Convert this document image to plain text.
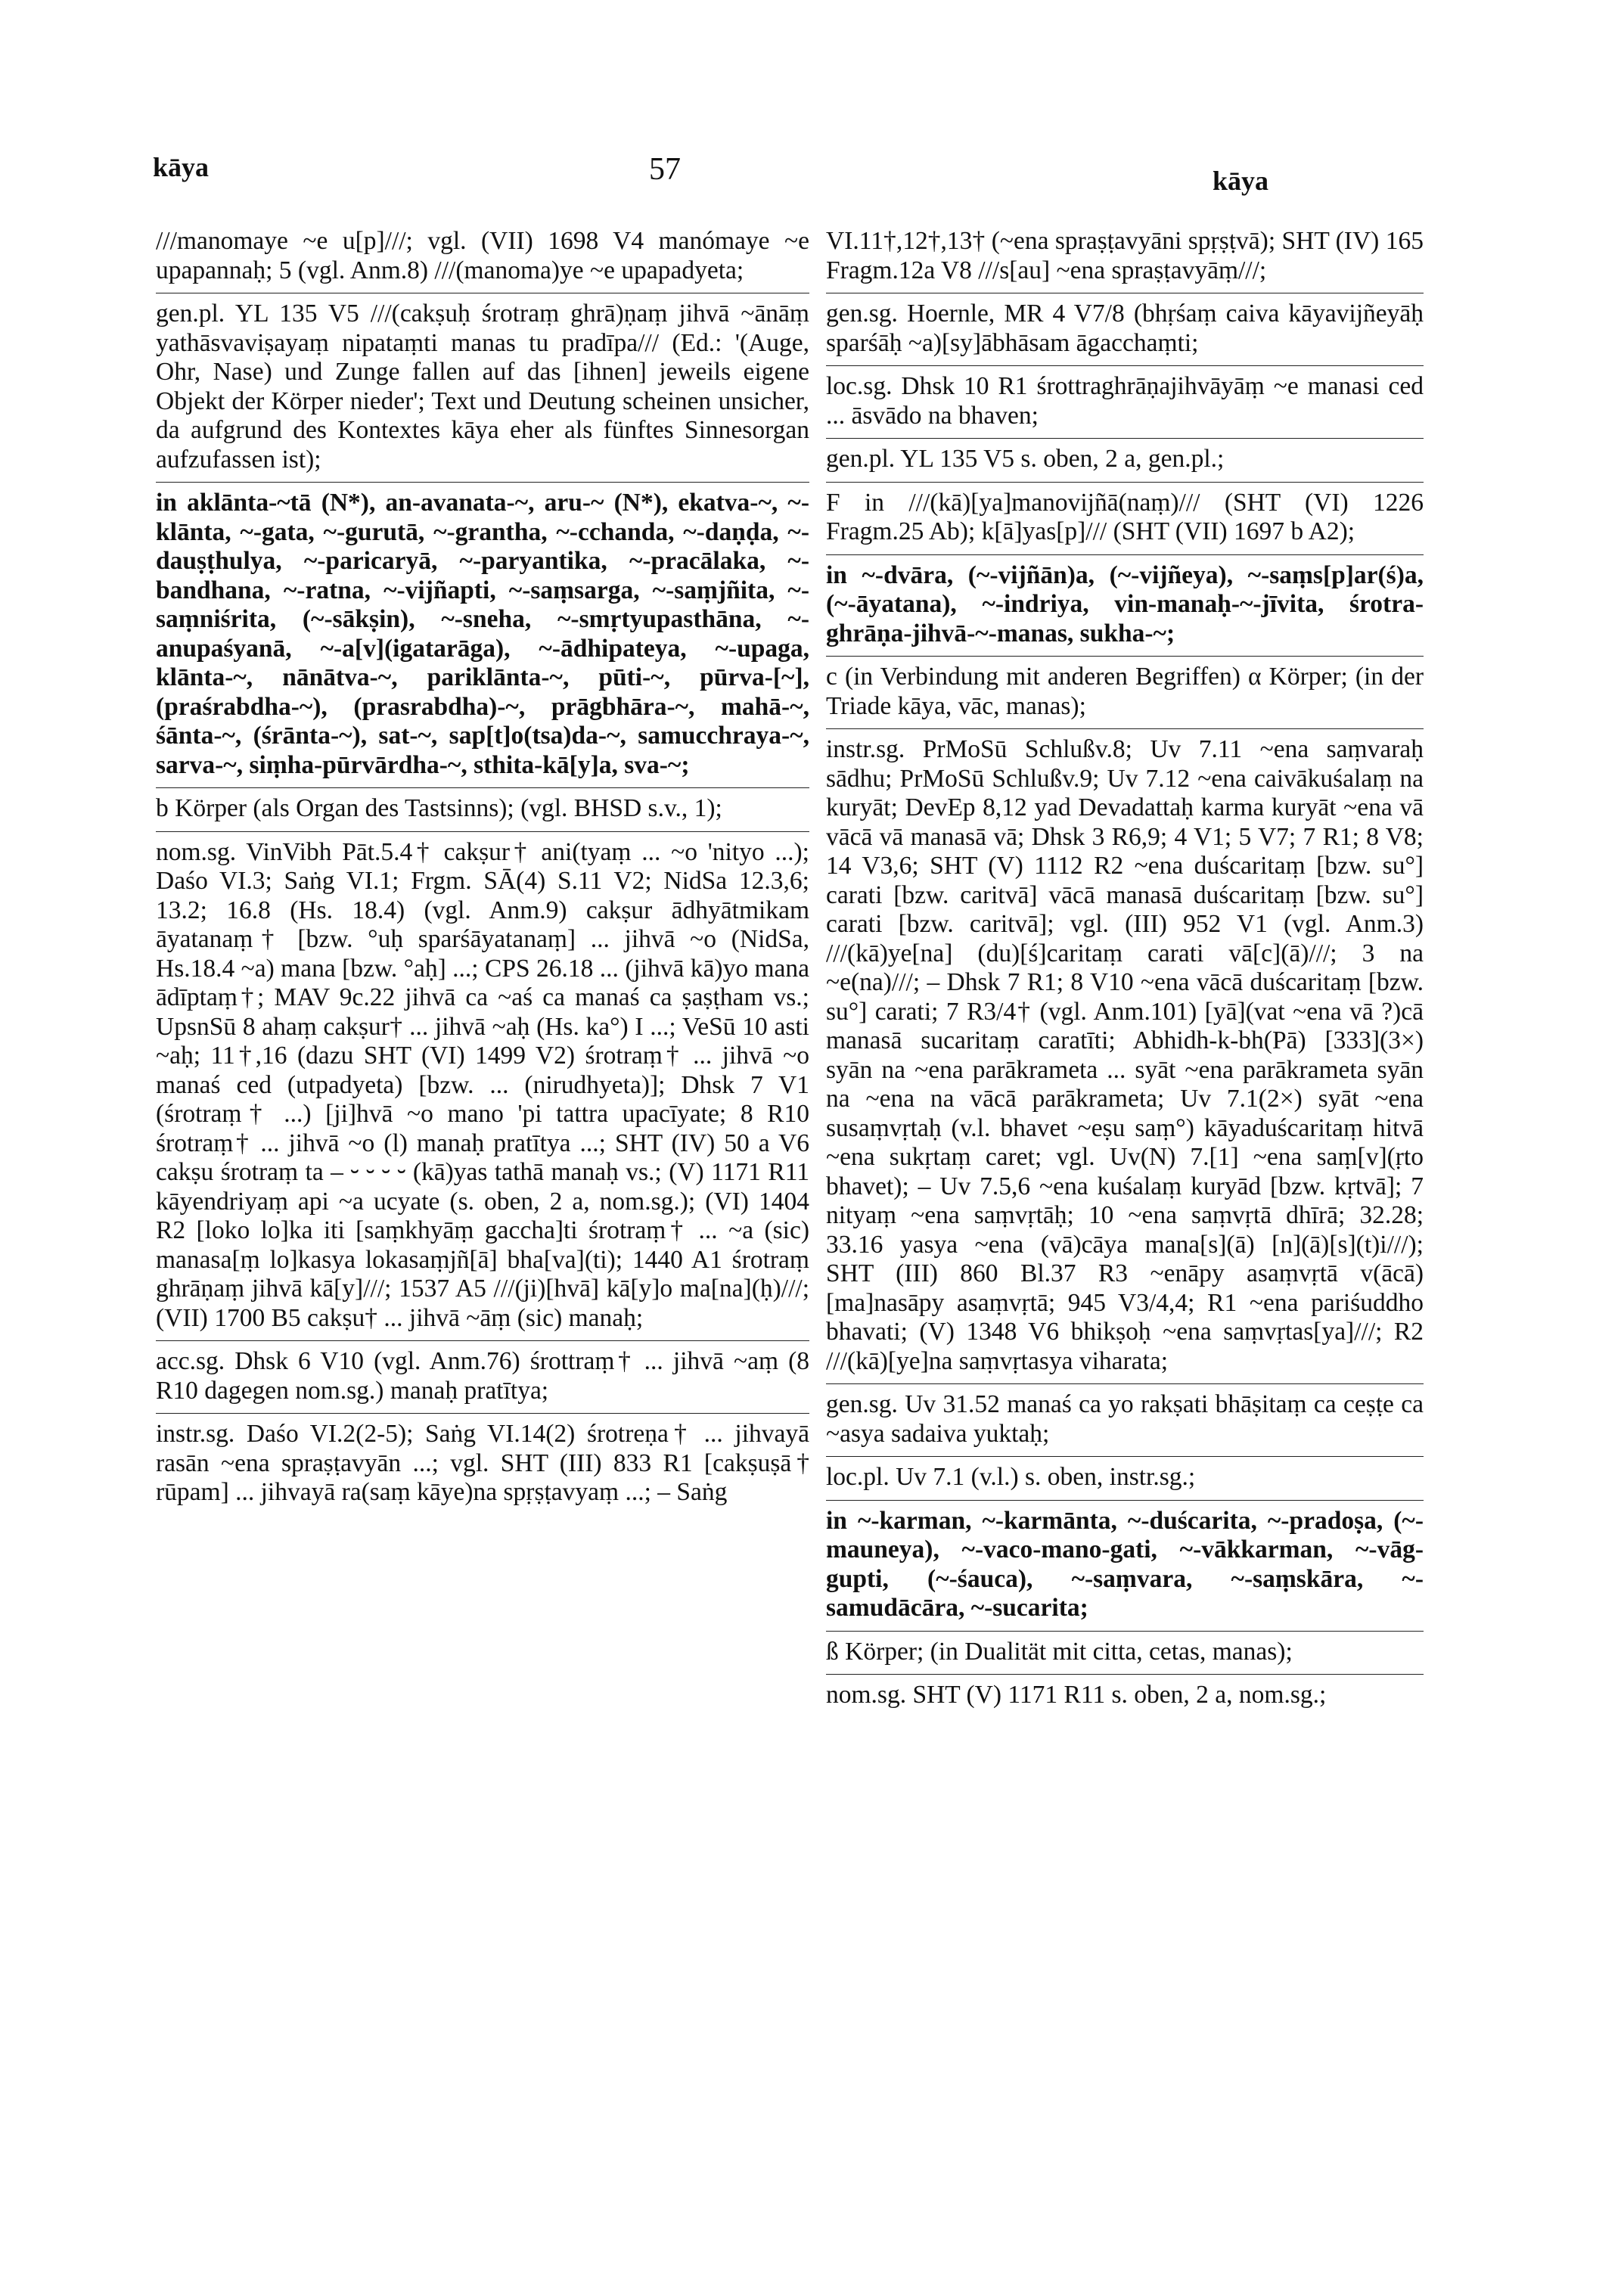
kāya	57	kāya

///manomaye ~e u[p]///; vgl. (VII) 1698 V4 manómaye ~e upapannaḥ; 5 (vgl. Anm.8) ///(manoma)ye ~e upapadyeta;

gen.pl. YL 135 V5 ///(cakṣuḥ śrotraṃ ghrā)ṇaṃ jihvā ~ānāṃ yathāsvaviṣayaṃ nipataṃti manas tu pradīpa/// (Ed.: '(Auge, Ohr, Nase) und Zunge fallen auf das [ihnen] jeweils eigene Objekt der Körper nieder'; Text und Deutung scheinen unsicher, da aufgrund des Kontextes kāya eher als fünftes Sinnesorgan aufzufassen ist);

in aklānta-~tā (N*), an-avanata-~, aru-~ (N*), ekatva-~, ~-klānta, ~-gata, ~-gurutā, ~-grantha, ~-cchanda, ~-daṇḍa, ~-dauṣṭhulya, ~-paricaryā, ~-paryantika, ~-pracālaka, ~-bandhana, ~-ratna, ~-vijñapti, ~-saṃsarga, ~-saṃjñita, ~-saṃniśrita, (~-sākṣin), ~-sneha, ~-smṛtyupasthāna, ~-anupaśyanā, ~-a[v](igatarāga), ~-ādhipateya, ~-upaga, klānta-~, nānātva-~, pariklānta-~, pūti-~, pūrva-[~], (praśrabdha-~), (prasrabdha)-~, prāgbhāra-~, mahā-~, śānta-~, (śrānta-~), sat-~, sap[t]o(tsa)da-~, samucchraya-~, sarva-~, siṃha-pūrvārdha-~, sthita-kā[y]a, sva-~;

b Körper (als Organ des Tastsinns); (vgl. BHSD s.v., 1);

nom.sg. VinVibh Pāt.5.4† cakṣur† ani(tyaṃ ... ~o 'nityo ...); Daśo VI.3; Saṅg VI.1; Frgm. SĀ(4) S.11 V2; NidSa 12.3,6; 13.2; 16.8 (Hs. 18.4) (vgl. Anm.9) cakṣur ādhyātmikam āyatanaṃ† [bzw. °uḥ sparśāyatanaṃ] ... jihvā ~o (NidSa, Hs.18.4 ~a) mana [bzw. °aḥ] ...; CPS 26.18 ... (jihvā kā)yo mana ādīptaṃ†; MAV 9c.22 jihvā ca ~aś ca manaś ca ṣaṣṭham vs.; UpsnSū 8 ahaṃ cakṣur† ... jihvā ~aḥ (Hs. ka°) I ...; VeSū 10 asti ~aḥ; 11†,16 (dazu SHT (VI) 1499 V2) śrotraṃ† ... jihvā ~o manaś ced (utpadyeta) [bzw. ... (nirudhyeta)]; Dhsk 7 V1 (śrotraṃ† ...) [ji]hvā ~o mano 'pi tattra upacīyate; 8 R10 śrotraṃ† ... jihvā ~o (l) manaḥ pratītya ...; SHT (IV) 50 a V6 cakṣu śrotraṃ ta – ⏑ ⏑ ⏑ ⏑ (kā)yas tathā manaḥ vs.; (V) 1171 R11 kāyendriyaṃ api ~a ucyate (s. oben, 2 a, nom.sg.); (VI) 1404 R2 [loko lo]ka iti [saṃkhyāṃ gaccha]ti śrotraṃ† ... ~a (sic) manasa[ṃ lo]kasya lokasaṃjñ[ā] bha[va](ti); 1440 A1 śrotraṃ ghrāṇaṃ jihvā kā[y]///; 1537 A5 ///(ji)[hvā] kā[y]o ma[na](ḥ)///; (VII) 1700 B5 cakṣu† ... jihvā ~āṃ (sic) manaḥ;

acc.sg. Dhsk 6 V10 (vgl. Anm.76) śrottraṃ† ... jihvā ~aṃ (8 R10 dagegen nom.sg.) manaḥ pratītya;

instr.sg. Daśo VI.2(2-5); Saṅg VI.14(2) śrotreṇa† ... jihvayā rasān ~ena spraṣṭavyān ...; vgl. SHT (III) 833 R1 [cakṣuṣā† rūpam] ... jihvayā ra(saṃ kāye)na spṛṣṭavyaṃ ...; – Saṅg

VI.11†,12†,13† (~ena spraṣṭavyāni spṛṣṭvā); SHT (IV) 165 Fragm.12a V8 ///s[au] ~ena spraṣṭavyāṃ///;

gen.sg. Hoernle, MR 4 V7/8 (bhṛśaṃ caiva kāyavijñeyāḥ sparśāḥ ~a)[sy]ābhāsam āgacchaṃti;

loc.sg. Dhsk 10 R1 śrottraghrāṇajihvāyāṃ ~e manasi ced ... āsvādo na bhaven;

gen.pl. YL 135 V5 s. oben, 2 a, gen.pl.;

F in ///(kā)[ya]manovijñā(naṃ)/// (SHT (VI) 1226 Fragm.25 Ab); k[ā]yas[p]/// (SHT (VII) 1697 b A2);

in ~-dvāra, (~-vijñān)a, (~-vijñeya), ~-saṃs[p]ar(ś)a, (~-āyatana), ~-indriya, vin-manaḥ-~-jīvita, śrotra-ghrāṇa-jihvā-~-manas, sukha-~;

c (in Verbindung mit anderen Begriffen) α Körper; (in der Triade kāya, vāc, manas);

instr.sg. PrMoSū Schlußv.8; Uv 7.11 ~ena saṃvaraḥ sādhu; PrMoSū Schlußv.9; Uv 7.12 ~ena caivākuśalaṃ na kuryāt; DevEp 8,12 yad Devadattaḥ karma kuryāt ~ena vā vācā vā manasā vā; Dhsk 3 R6,9; 4 V1; 5 V7; 7 R1; 8 V8; 14 V3,6; SHT (V) 1112 R2 ~ena duścaritaṃ [bzw. su°] carati [bzw. caritvā] vācā manasā duścaritaṃ [bzw. su°] carati [bzw. caritvā]; vgl. (III) 952 V1 (vgl. Anm.3) ///(kā)ye[na] (du)[ś]caritaṃ carati vā[c](ā)///; 3 na ~e(na)///; – Dhsk 7 R1; 8 V10 ~ena vācā duścaritaṃ [bzw. su°] carati; 7 R3/4† (vgl. Anm.101) [yā](vat ~ena vā ?)cā manasā sucaritaṃ caratīti; Abhidh-k-bh(Pā) [333](3×) syān na ~ena parākrameta ... syāt ~ena parākrameta syān na ~ena na vācā parākrameta; Uv 7.1(2×) syāt ~ena susaṃvṛtaḥ (v.l. bhavet ~eṣu saṃ°) kāyaduścaritaṃ hitvā ~ena sukṛtaṃ caret; vgl. Uv(N) 7.[1] ~ena saṃ[v](ṛto bhavet); – Uv 7.5,6 ~ena kuśalaṃ kuryād [bzw. kṛtvā]; 7 nityaṃ ~ena saṃvṛtāḥ; 10 ~ena saṃvṛtā dhīrā; 32.28; 33.16 yasya ~ena (vā)cāya mana[s](ā) [n](ā)[s](t)i///); SHT (III) 860 Bl.37 R3 ~enāpy asaṃvṛtā v(ācā) [ma]nasāpy asaṃvṛtā; 945 V3/4,4; R1 ~ena pariśuddho bhavati; (V) 1348 V6 bhikṣoḥ ~ena saṃvṛtas[ya]///; R2 ///(kā)[ye]na saṃvṛtasya viharata;

gen.sg. Uv 31.52 manaś ca yo rakṣati bhāṣitaṃ ca ceṣṭe ca ~asya sadaiva yuktaḥ;

loc.pl. Uv 7.1 (v.l.) s. oben, instr.sg.;

in ~-karman, ~-karmānta, ~-duścarita, ~-pradoṣa, (~-mauneya), ~-vaco-mano-gati, ~-vākkarman, ~-vāg-gupti, (~-śauca), ~-saṃvara, ~-saṃskāra, ~-samudācāra, ~-sucarita;

ß Körper; (in Dualität mit citta, cetas, manas);

nom.sg. SHT (V) 1171 R11 s. oben, 2 a, nom.sg.;
